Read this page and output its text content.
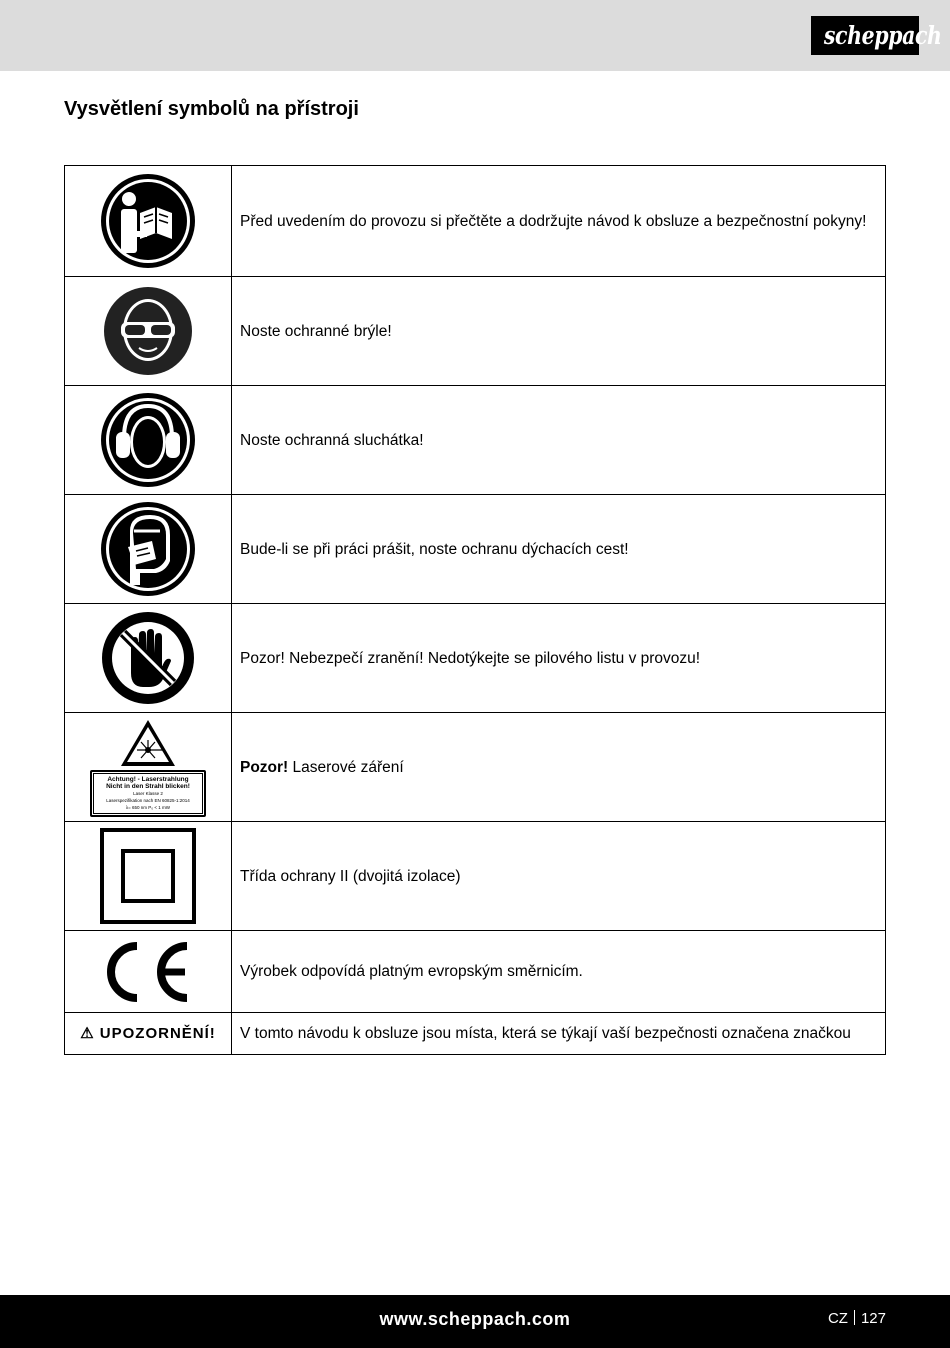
scheppach
Vysvětlení symbolů na přístroji
	Před uvedením do provozu si přečtěte a dodržujte návod k obsluze a bezpečnostní pokyny!

	Noste ochranné brýle!

	Noste ochranná sluchátka!

	Bude-li se při práci prášit, noste ochranu dýchacích cest!

	Pozor! Nebezpečí zranění! Nedotýkejte se pilového listu v provozu!

Achtung! - Laserstrahlung
Nicht in den Strahl blicken!
Laser Klasse 2
Laserspezifikation nach EN 60825-1:2014
λ= 650 nm P₀ < 1 mW	Pozor! Laserové záření

	Třída ochrany II (dvojitá izolace)

	Výrobek odpovídá platným evropským směrnicím.
⚠ UPOZORNĚNÍ!	V tomto návodu k obsluze jsou místa, která se týkají vaší bezpečnosti označena značkou
www.scheppach.com	CZ 127
